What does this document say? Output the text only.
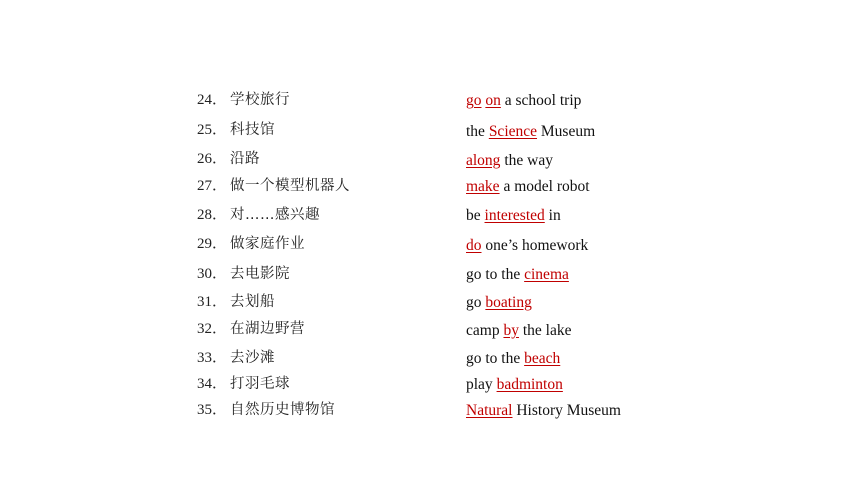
24． 学校旅行	go on a school trip
25． 科技馆	the Science Museum
26． 沿路	along the way
27． 做一个模型机器人	make a model robot
28． 对……感兴趣	be interested in
29． 做家庭作业	do one’s homework
30． 去电影院	go to the cinema
31． 去划船	go boating
32． 在湖边野营	camp by the lake
33． 去沙滩	go to the beach
34． 打羽毛球	play badminton
35． 自然历史博物馆	Natural History Museum
